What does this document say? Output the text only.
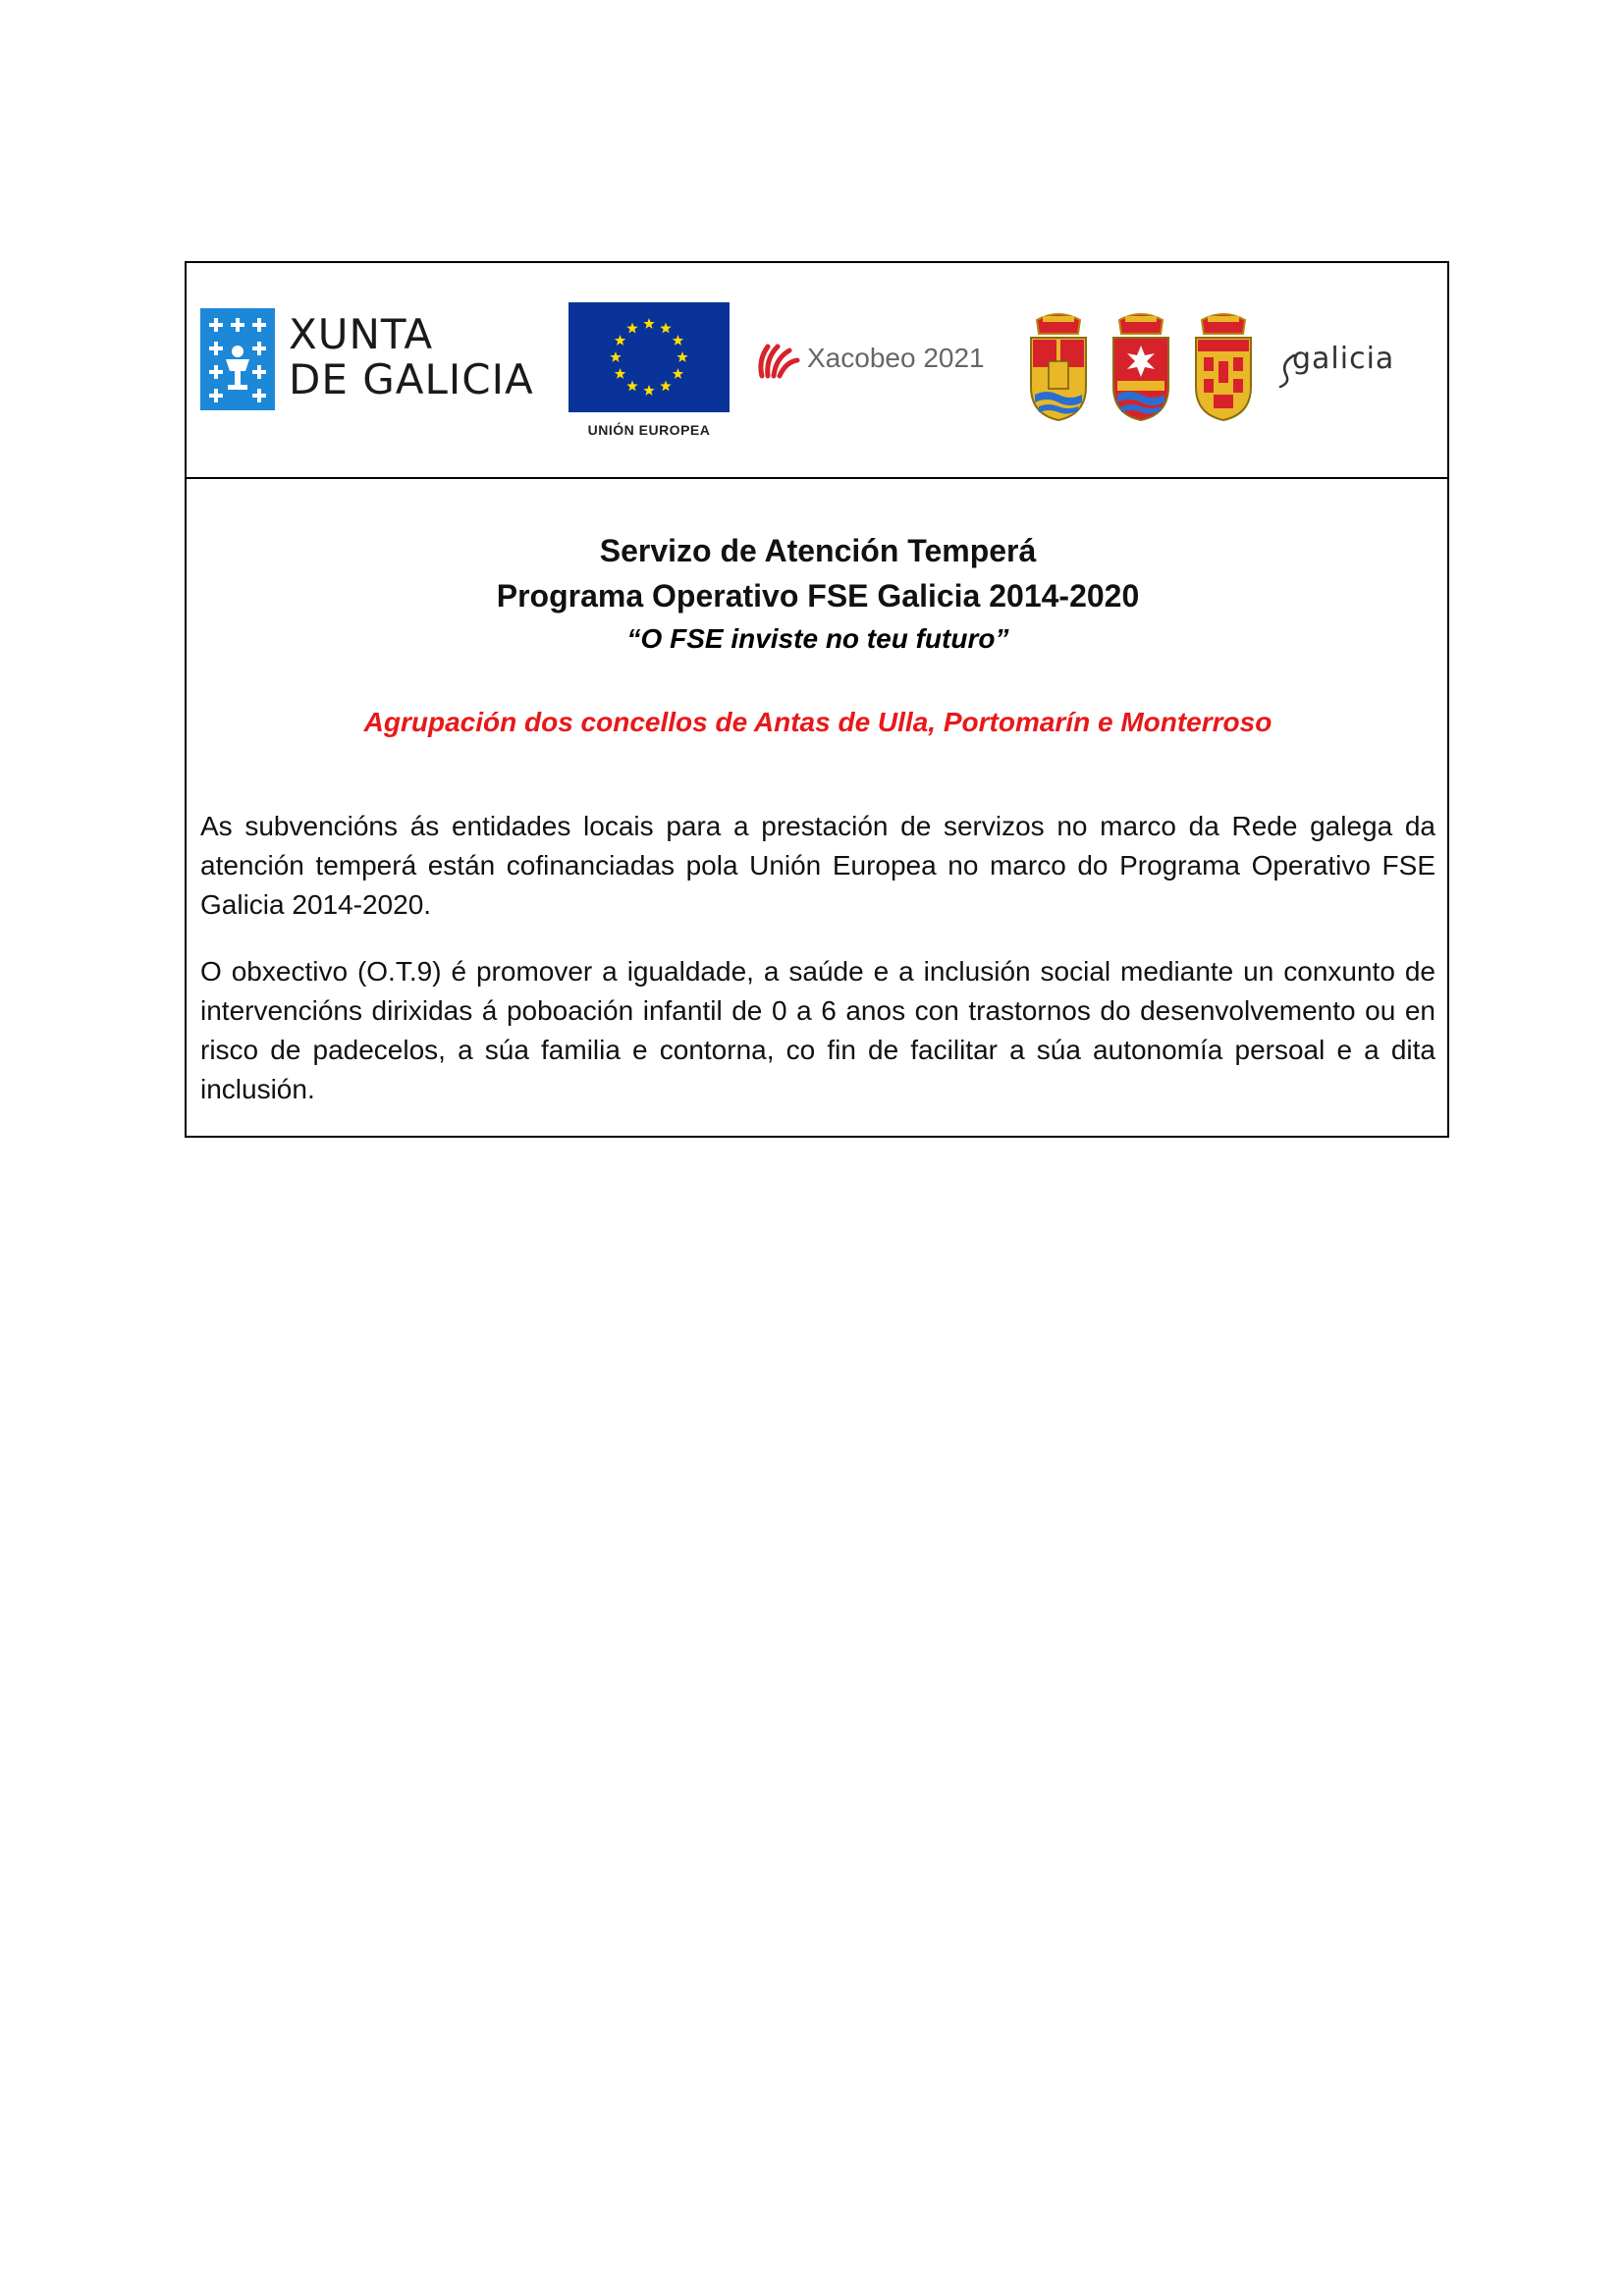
XUNTA
DE GALICIA
UNIÓN EUROPEA
Xacobeo 2021	galicia

Servizo de Atención Temperá

Programa Operativo FSE Galicia 2014-2020

“O FSE inviste no teu futuro”

Agrupación dos concellos de Antas de Ulla, Portomarín e Monterroso

As subvencións ás entidades locais para a prestación de servizos no marco da Rede galega da atención temperá están cofinanciadas pola Unión Europea no marco do Programa Operativo FSE Galicia 2014-2020.

O obxectivo (O.T.9) é promover a igualdade, a saúde e a inclusión social mediante un conxunto de intervencións dirixidas á poboación infantil de 0 a 6 anos con trastornos do desenvolvemento ou en risco de padecelos, a súa familia e contorna, co fin de facilitar a súa autonomía persoal e a dita inclusión.
